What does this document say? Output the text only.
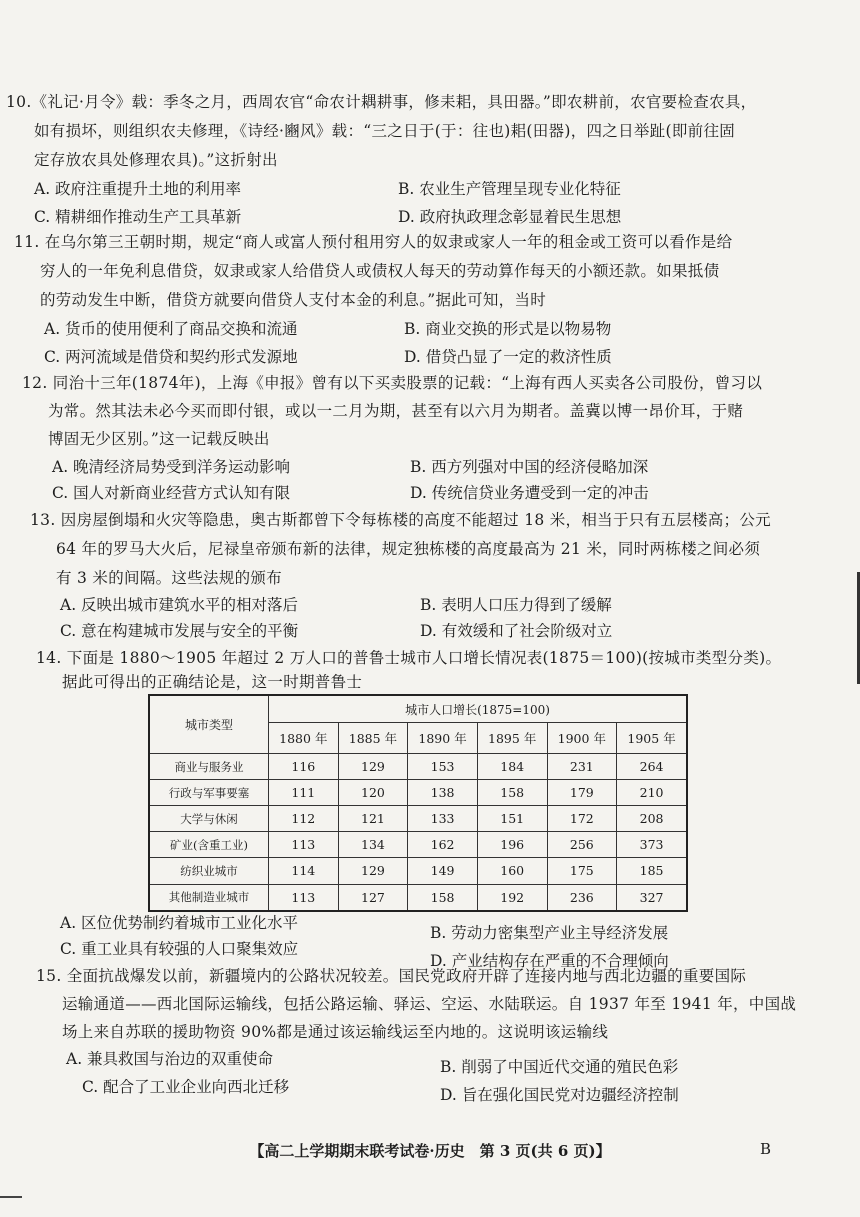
10.《礼记·月令》载：季冬之月，西周农官“命农计耦耕事，修耒耜，具田器。”即农耕前，农官要检查农具，
如有损坏，则组织农夫修理，《诗经·豳风》载：“三之日于(于：往也)耜(田器)，四之日举趾(即前往固
定存放农具处修理农具)。”这折射出
A. 政府注重提升土地的利用率	B. 农业生产管理呈现专业化特征
C. 精耕细作推动生产工具革新	D. 政府执政理念彰显着民生思想
11. 在乌尔第三王朝时期，规定“商人或富人预付租用穷人的奴隶或家人一年的租金或工资可以看作是给
穷人的一年免利息借贷，奴隶或家人给借贷人或债权人每天的劳动算作每天的小额还款。如果抵债
的劳动发生中断，借贷方就要向借贷人支付本金的利息。”据此可知，当时
A. 货币的使用便利了商品交换和流通	B. 商业交换的形式是以物易物
C. 两河流域是借贷和契约形式发源地	D. 借贷凸显了一定的救济性质
12. 同治十三年(1874年)，上海《申报》曾有以下买卖股票的记载：“上海有西人买卖各公司股份，曾习以
为常。然其法未必今买而即付银，或以一二月为期，甚至有以六月为期者。盖冀以博一昂价耳，于赌
博固无少区别。”这一记载反映出
A. 晚清经济局势受到洋务运动影响	B. 西方列强对中国的经济侵略加深
C. 国人对新商业经营方式认知有限	D. 传统信贷业务遭受到一定的冲击
13. 因房屋倒塌和火灾等隐患，奥古斯都曾下令每栋楼的高度不能超过 18 米，相当于只有五层楼高；公元
64 年的罗马大火后，尼禄皇帝颁布新的法律，规定独栋楼的高度最高为 21 米，同时两栋楼之间必须
有 3 米的间隔。这些法规的颁布
A. 反映出城市建筑水平的相对落后	B. 表明人口压力得到了缓解
C. 意在构建城市发展与安全的平衡	D. 有效缓和了社会阶级对立
14. 下面是 1880～1905 年超过 2 万人口的普鲁士城市人口增长情况表(1875＝100)(按城市类型分类)。
据此可得出的正确结论是，这一时期普鲁士
城市类型	城市人口增长(1875=100)					
	1880 年	1885 年	1890 年	1895 年	1900 年	1905 年
商业与服务业	116	129	153	184	231	264
行政与军事要塞	111	120	138	158	179	210
大学与休闲	112	121	133	151	172	208
矿业(含重工业)	113	134	162	196	256	373
纺织业城市	114	129	149	160	175	185
其他制造业城市	113	127	158	192	236	327
A. 区位优势制约着城市工业化水平
B. 劳动力密集型产业主导经济发展
C. 重工业具有较强的人口聚集效应
D. 产业结构存在严重的不合理倾向
15. 全面抗战爆发以前，新疆境内的公路状况较差。国民党政府开辟了连接内地与西北边疆的重要国际
运输通道——西北国际运输线，包括公路运输、驿运、空运、水陆联运。自 1937 年至 1941 年，中国战
场上来自苏联的援助物资 90%都是通过该运输线运至内地的。这说明该运输线
A. 兼具救国与治边的双重使命	B. 削弱了中国近代交通的殖民色彩
C. 配合了工业企业向西北迁移	D. 旨在强化国民党对边疆经济控制
【高二上学期期末联考试卷·历史　第 3 页(共 6 页)】	B
